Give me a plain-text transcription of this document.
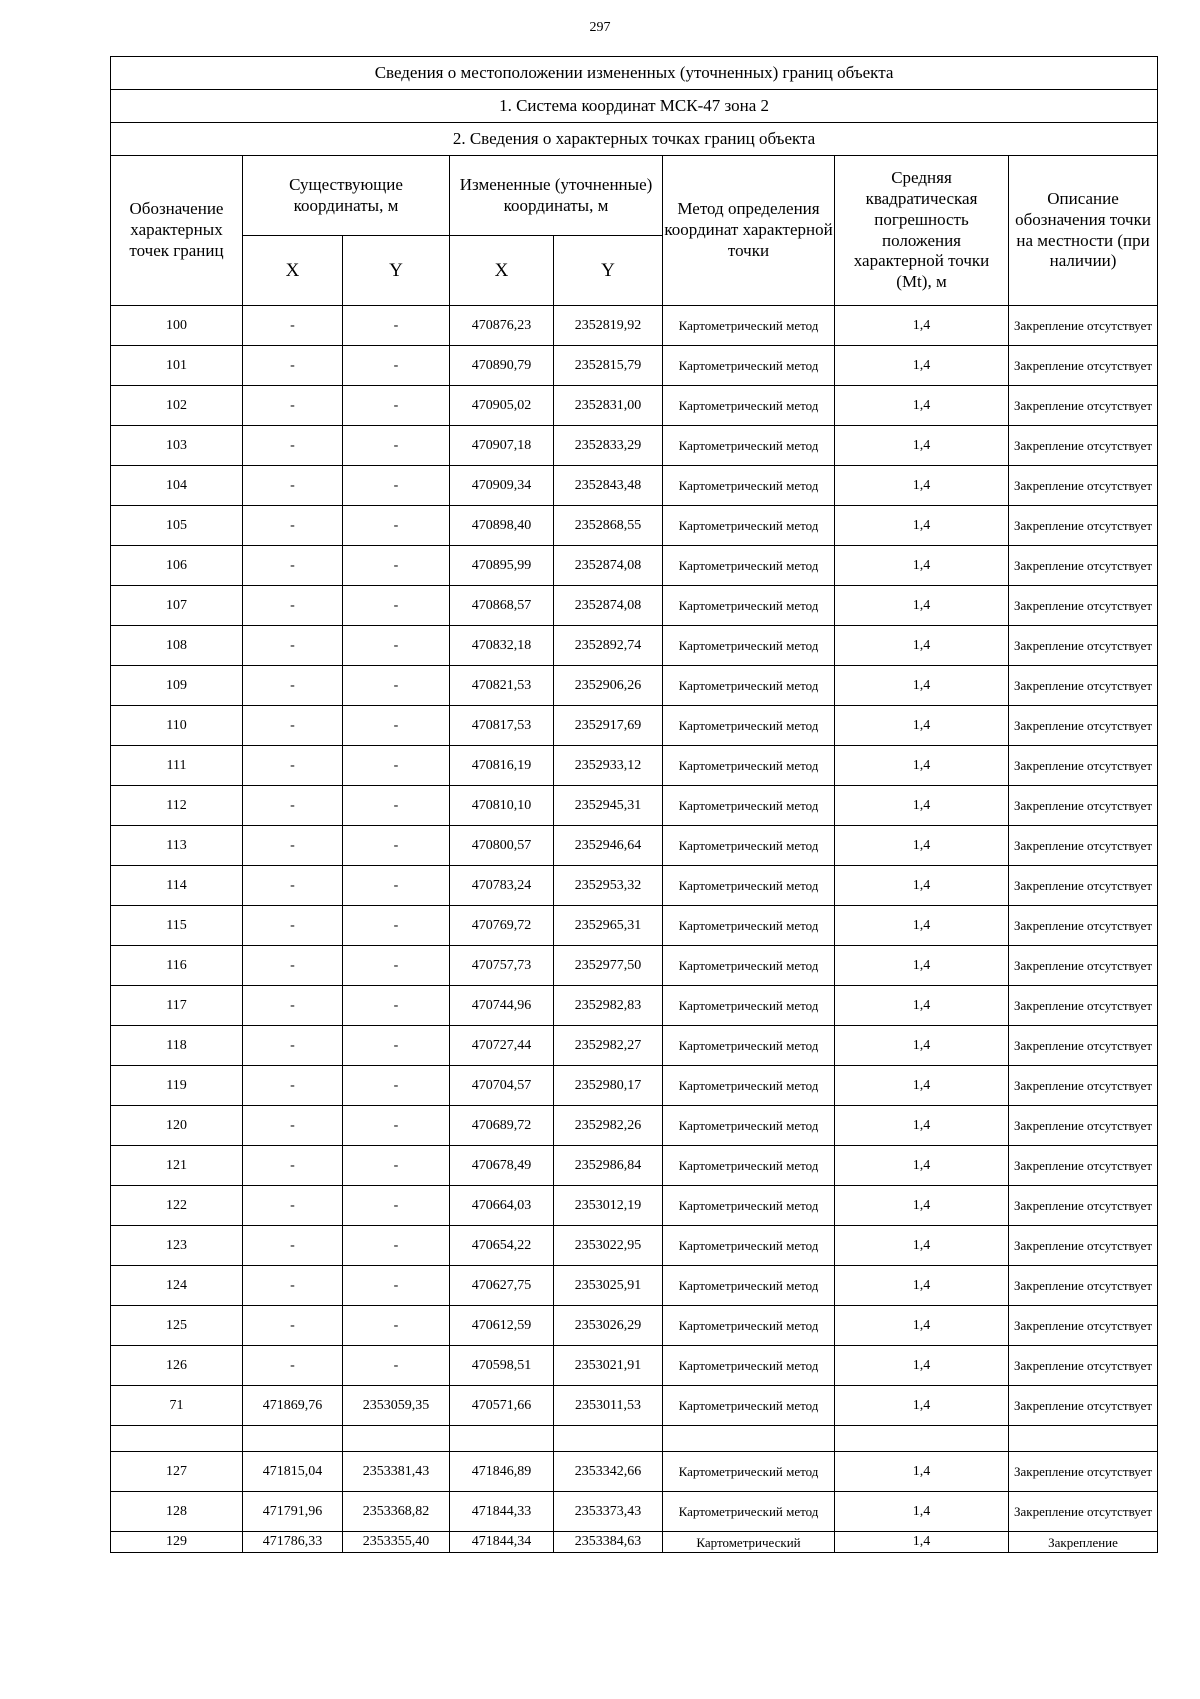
297
Сведения о местоположении измененных (уточненных) границ объекта							
1. Система координат МСК-47 зона 2							
2. Сведения о характерных точках границ объекта							
Обозначение характерных точек границ	Существующие координаты, м		Измененные (уточненные) координаты, м		Метод определения координат характерной точки	Средняя квадратическая погрешность положения характерной точки (Mt), м	Описание обозначения точки на местности (при наличии)
	X	Y	X	Y			
100	-	-	470876,23	2352819,92	Картометрический метод	1,4	Закрепление отсутствует

101	-	-	470890,79	2352815,79	Картометрический метод	1,4	Закрепление отсутствует

102	-	-	470905,02	2352831,00	Картометрический метод	1,4	Закрепление отсутствует

103	-	-	470907,18	2352833,29	Картометрический метод	1,4	Закрепление отсутствует

104	-	-	470909,34	2352843,48	Картометрический метод	1,4	Закрепление отсутствует

105	-	-	470898,40	2352868,55	Картометрический метод	1,4	Закрепление отсутствует

106	-	-	470895,99	2352874,08	Картометрический метод	1,4	Закрепление отсутствует

107	-	-	470868,57	2352874,08	Картометрический метод	1,4	Закрепление отсутствует

108	-	-	470832,18	2352892,74	Картометрический метод	1,4	Закрепление отсутствует

109	-	-	470821,53	2352906,26	Картометрический метод	1,4	Закрепление отсутствует

110	-	-	470817,53	2352917,69	Картометрический метод	1,4	Закрепление отсутствует

111	-	-	470816,19	2352933,12	Картометрический метод	1,4	Закрепление отсутствует

112	-	-	470810,10	2352945,31	Картометрический метод	1,4	Закрепление отсутствует

113	-	-	470800,57	2352946,64	Картометрический метод	1,4	Закрепление отсутствует

114	-	-	470783,24	2352953,32	Картометрический метод	1,4	Закрепление отсутствует

115	-	-	470769,72	2352965,31	Картометрический метод	1,4	Закрепление отсутствует

116	-	-	470757,73	2352977,50	Картометрический метод	1,4	Закрепление отсутствует

117	-	-	470744,96	2352982,83	Картометрический метод	1,4	Закрепление отсутствует

118	-	-	470727,44	2352982,27	Картометрический метод	1,4	Закрепление отсутствует

119	-	-	470704,57	2352980,17	Картометрический метод	1,4	Закрепление отсутствует

120	-	-	470689,72	2352982,26	Картометрический метод	1,4	Закрепление отсутствует

121	-	-	470678,49	2352986,84	Картометрический метод	1,4	Закрепление отсутствует

122	-	-	470664,03	2353012,19	Картометрический метод	1,4	Закрепление отсутствует

123	-	-	470654,22	2353022,95	Картометрический метод	1,4	Закрепление отсутствует

124	-	-	470627,75	2353025,91	Картометрический метод	1,4	Закрепление отсутствует

125	-	-	470612,59	2353026,29	Картометрический метод	1,4	Закрепление отсутствует

126	-	-	470598,51	2353021,91	Картометрический метод	1,4	Закрепление отсутствует

71	471869,76	2353059,35	470571,66	2353011,53	Картометрический метод	1,4	Закрепление отсутствует

127	471815,04	2353381,43	471846,89	2353342,66	Картометрический метод	1,4	Закрепление отсутствует

128	471791,96	2353368,82	471844,33	2353373,43	Картометрический метод	1,4	Закрепление отсутствует

129	471786,33	2353355,40	471844,34	2353384,63	Картометрический	1,4	Закрепление
